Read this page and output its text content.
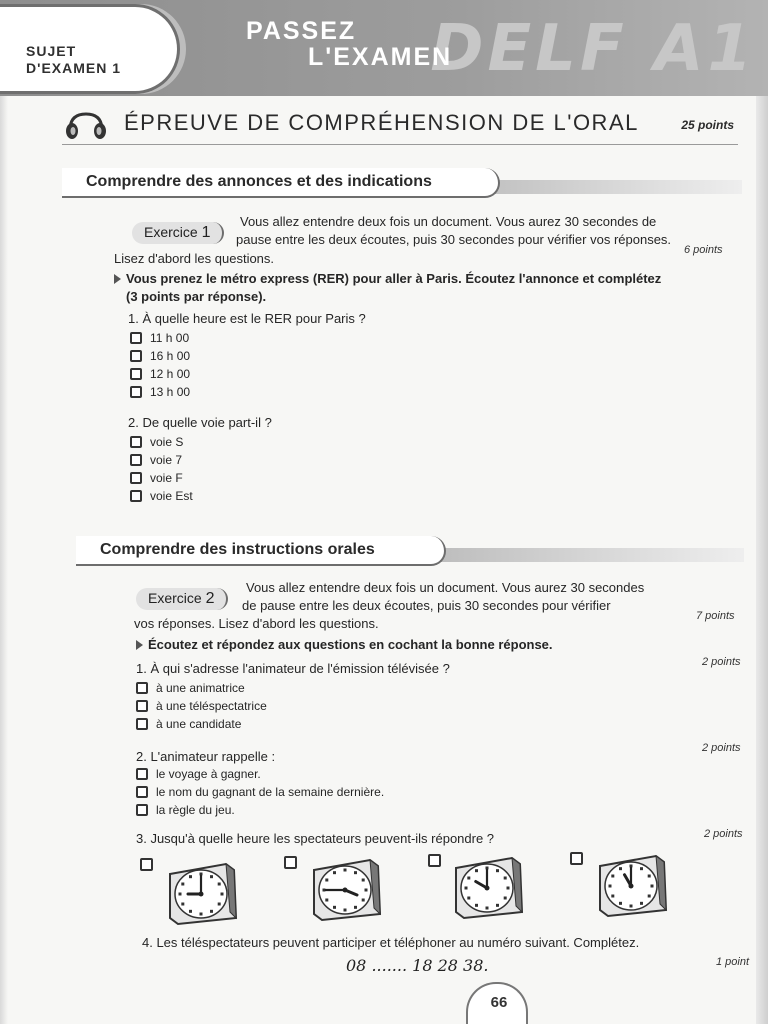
DELF A1
PASSEZ
L'EXAMEN
SUJET
D'EXAMEN 1
ÉPREUVE DE COMPRÉHENSION DE L'ORAL	25 points
Comprendre des annonces et des indications
Exercice 1
Vous allez entendre deux fois un document. Vous aurez 30 secondes de
pause entre les deux écoutes, puis 30 secondes pour vérifier vos réponses.
Lisez d'abord les questions.
6 points
Vous prenez le métro express (RER) pour aller à Paris. Écoutez l'annonce et complétez
(3 points par réponse).
1. À quelle heure est le RER pour Paris ?
11 h 00
16 h 00
12 h 00
13 h 00
2. De quelle voie part-il ?
voie S
voie 7
voie F
voie Est
Comprendre des instructions orales
Exercice 2
Vous allez entendre deux fois un document. Vous aurez 30 secondes
de pause entre les deux écoutes, puis 30 secondes pour vérifier
vos réponses. Lisez d'abord les questions.	7 points
Écoutez et répondez aux questions en cochant la bonne réponse.
1. À qui s'adresse l'animateur de l'émission télévisée ?	2 points
à une animatrice
à une téléspectatrice
à une candidate
2. L'animateur rappelle :
2 points
le voyage à gagner.
le nom du gagnant de la semaine dernière.
la règle du jeu.
3. Jusqu'à quelle heure les spectateurs peuvent-ils répondre ?	2 points
4. Les téléspectateurs peuvent participer et téléphoner au numéro suivant. Complétez.
08 ....... 18 28 38.	1 point
66
